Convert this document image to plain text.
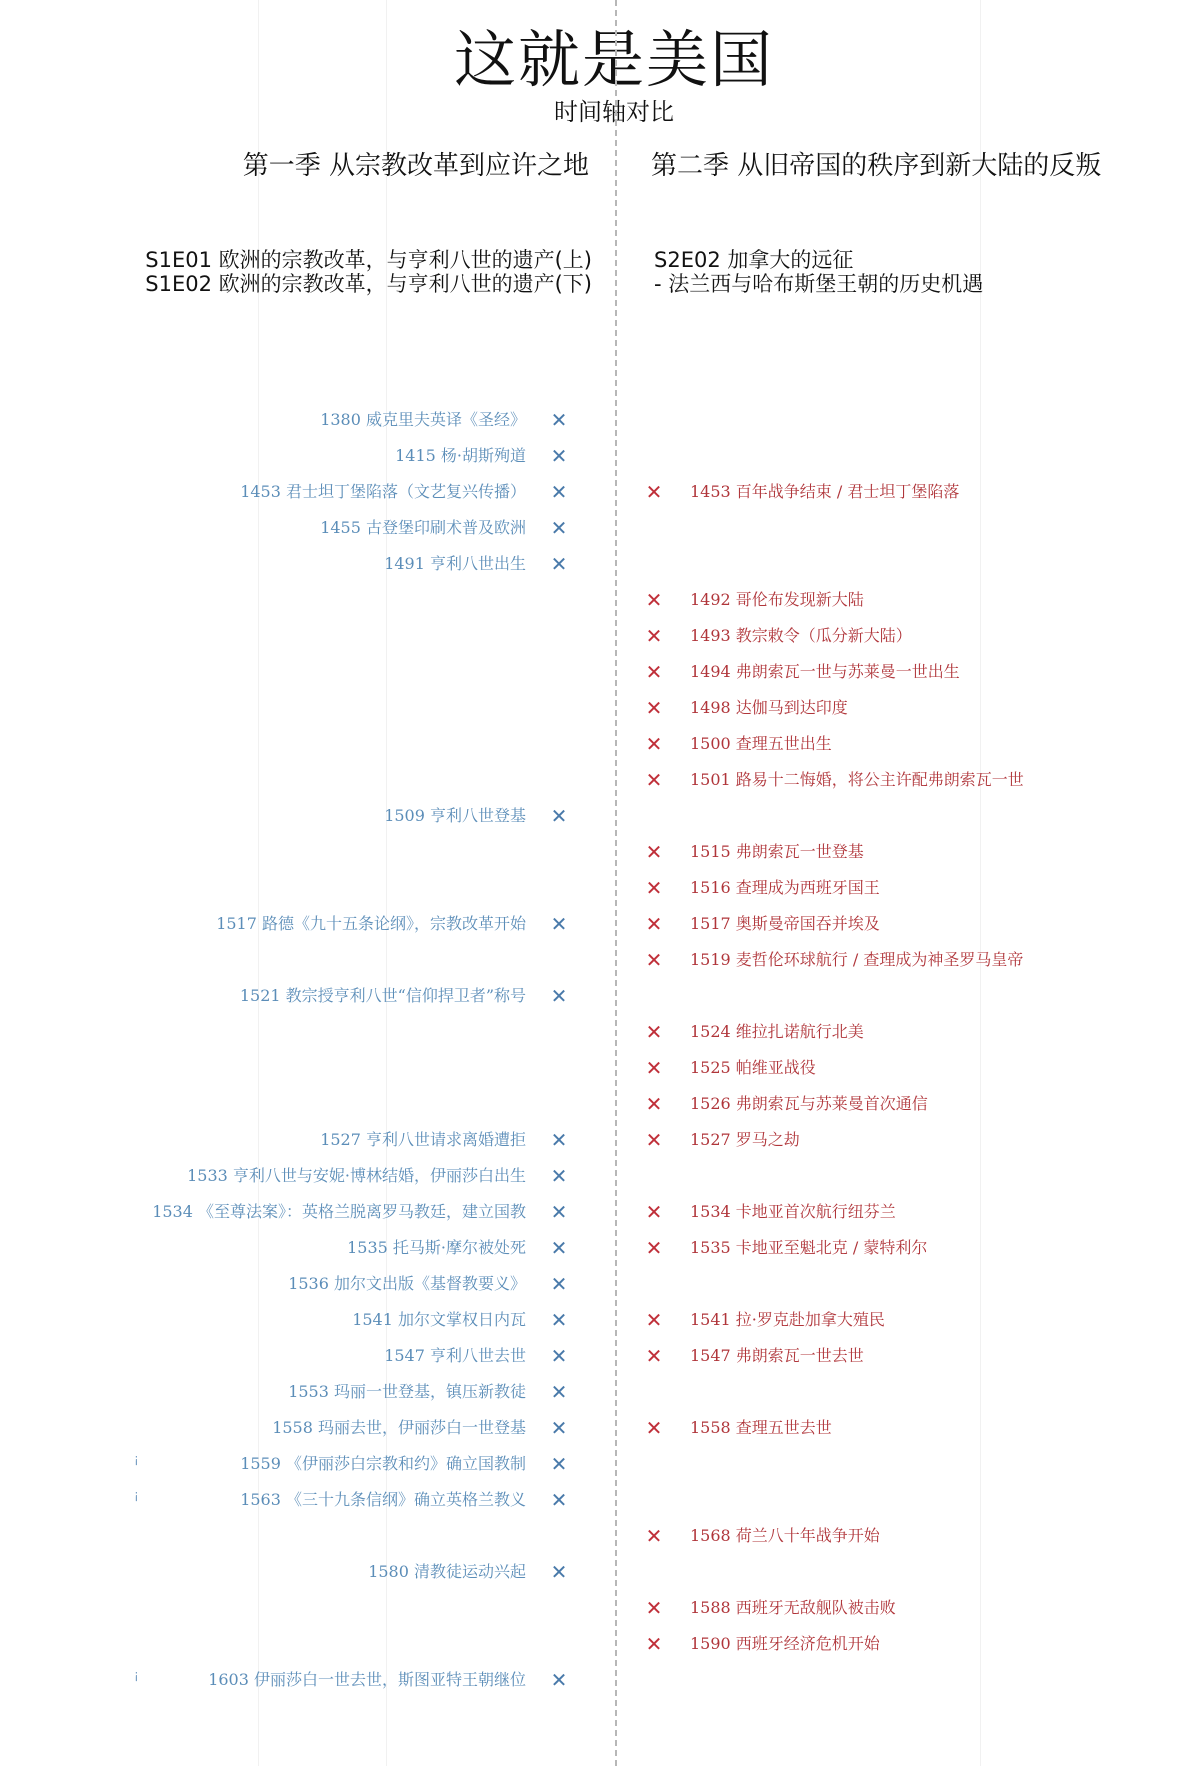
这就是美国
时间轴对比
第一季 从宗教改革到应许之地 第二季 从旧帝国的秩序到新大陆的反叛
S1E01 欧洲的宗教改革，与亨利八世的遗产(上)
S1E02 欧洲的宗教改革，与亨利八世的遗产(下)
S2E02 加拿大的远征
- 法兰西与哈布斯堡王朝的历史机遇
1380 威克里夫英译《圣经》 ✕
1415 杨·胡斯殉道 ✕
1453 君士坦丁堡陷落（文艺复兴传播） ✕
1455 古登堡印刷术普及欧洲 ✕
1491 亨利八世出生 ✕
1509 亨利八世登基 ✕
1517 路德《九十五条论纲》，宗教改革开始 ✕
1521 教宗授亨利八世“信仰捍卫者”称号 ✕
1527 亨利八世请求离婚遭拒 ✕
1533 亨利八世与安妮·博林结婚，伊丽莎白出生 ✕
1534 《至尊法案》：英格兰脱离罗马教廷，建立国教 ✕
1535 托马斯·摩尔被处死 ✕
1536 加尔文出版《基督教要义》 ✕
1541 加尔文掌权日内瓦 ✕
1547 亨利八世去世 ✕
1553 玛丽一世登基，镇压新教徒 ✕
1558 玛丽去世，伊丽莎白一世登基 ✕
1559 《伊丽莎白宗教和约》确立国教制 ✕
1563 《三十九条信纲》确立英格兰教义 ✕
1580 清教徒运动兴起 ✕
1603 伊丽莎白一世去世，斯图亚特王朝继位 ✕
1453 百年战争结束 / 君士坦丁堡陷落
✕
1492 哥伦布发现新大陆
✕
1493 教宗敕令（瓜分新大陆）
✕
1494 弗朗索瓦一世与苏莱曼一世出生
✕
1498 达伽马到达印度
✕
1500 查理五世出生
✕
1501 路易十二悔婚，将公主许配弗朗索瓦一世
✕
1515 弗朗索瓦一世登基
✕
1516 查理成为西班牙国王
✕
1517 奥斯曼帝国吞并埃及
✕
1519 麦哲伦环球航行 / 查理成为神圣罗马皇帝
✕
1524 维拉扎诺航行北美
✕
1525 帕维亚战役
✕
1526 弗朗索瓦与苏莱曼首次通信
✕
1527 罗马之劫
✕
1534 卡地亚首次航行纽芬兰
✕
1535 卡地亚至魁北克 / 蒙特利尔
✕
1541 拉·罗克赴加拿大殖民
✕
1547 弗朗索瓦一世去世
✕
1558 查理五世去世
✕
1568 荷兰八十年战争开始
✕
1588 西班牙无敌舰队被击败
✕
1590 西班牙经济危机开始
✕
¡
¡
¡
